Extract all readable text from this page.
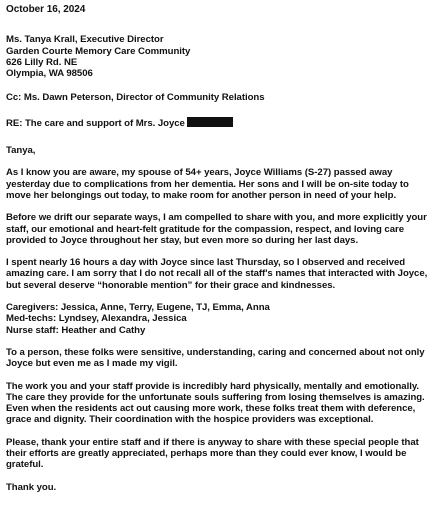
October 16, 2024
Ms. Tanya Krall, Executive Director
Garden Courte Memory Care Community
626 Lilly Rd. NE
Olympia, WA 98506
Cc: Ms. Dawn Peterson, Director of Community Relations
RE: The care and support of Mrs. Joyce
Tanya,
As I know you are aware, my spouse of 54+ years, Joyce Williams (S-27) passed away
yesterday due to complications from her dementia. Her sons and I will be on-site today to
move her belongings out today, to make room for another person in need of your help.
Before we drift our separate ways, I am compelled to share with you, and more explicitly your
staff, our emotional and heart-felt gratitude for the compassion, respect, and loving care
provided to Joyce throughout her stay, but even more so during her last days.
I spent nearly 16 hours a day with Joyce since last Thursday, so I observed and received
amazing care. I am sorry that I do not recall all of the staff's names that interacted with Joyce,
but several deserve “honorable mention” for their grace and kindnesses.
Caregivers: Jessica, Anne, Terry, Eugene, TJ, Emma, Anna
Med-techs: Lyndsey, Alexandra, Jessica
Nurse staff: Heather and Cathy
To a person, these folks were sensitive, understanding, caring and concerned about not only
Joyce but even me as I made my vigil.
The work you and your staff provide is incredibly hard physically, mentally and emotionally.
The care they provide for the unfortunate souls suffering from losing themselves is amazing.
Even when the residents act out causing more work, these folks treat them with deference,
grace and dignity. Their coordination with the hospice providers was exceptional.
Please, thank your entire staff and if there is anyway to share with these special people that
their efforts are greatly appreciated, perhaps more than they could ever know, I would be
grateful.
Thank you.
